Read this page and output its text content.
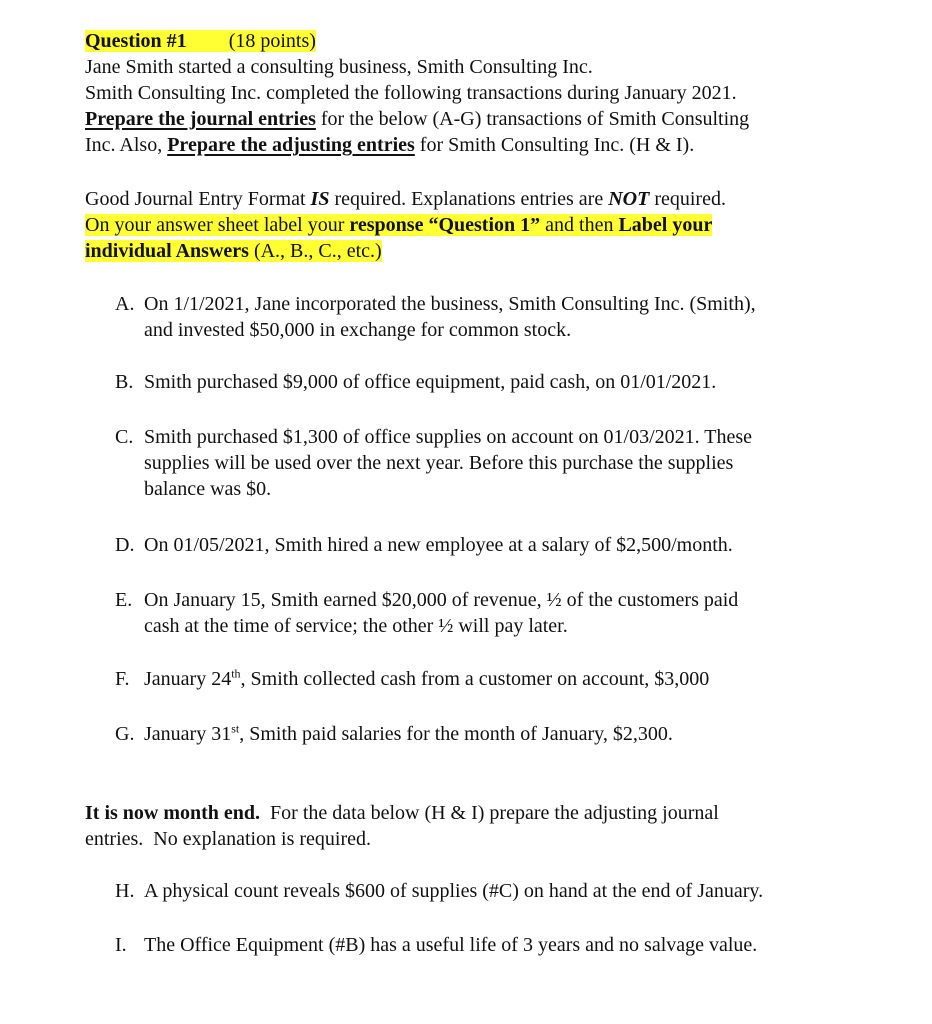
Question #1 (18 points)
Jane Smith started a consulting business, Smith Consulting Inc.
Smith Consulting Inc. completed the following transactions during January 2021.
Prepare the journal entries for the below (A-G) transactions of Smith Consulting
Inc. Also, Prepare the adjusting entries for Smith Consulting Inc. (H & I).
Good Journal Entry Format IS required. Explanations entries are NOT required.
On your answer sheet label your response “Question 1” and then Label your
individual Answers (A., B., C., etc.)
A. On 1/1/2021, Jane incorporated the business, Smith Consulting Inc. (Smith),
and invested $50,000 in exchange for common stock.
B. Smith purchased $9,000 of office equipment, paid cash, on 01/01/2021.
C. Smith purchased $1,300 of office supplies on account on 01/03/2021. These
supplies will be used over the next year. Before this purchase the supplies
balance was $0.
D. On 01/05/2021, Smith hired a new employee at a salary of $2,500/month.
E. On January 15, Smith earned $20,000 of revenue, ½ of the customers paid
cash at the time of service; the other ½ will pay later.
F. January 24th, Smith collected cash from a customer on account, $3,000
G. January 31st, Smith paid salaries for the month of January, $2,300.
It is now month end.  For the data below (H & I) prepare the adjusting journal
entries.  No explanation is required.
H. A physical count reveals $600 of supplies (#C) on hand at the end of January.
I. The Office Equipment (#B) has a useful life of 3 years and no salvage value.
